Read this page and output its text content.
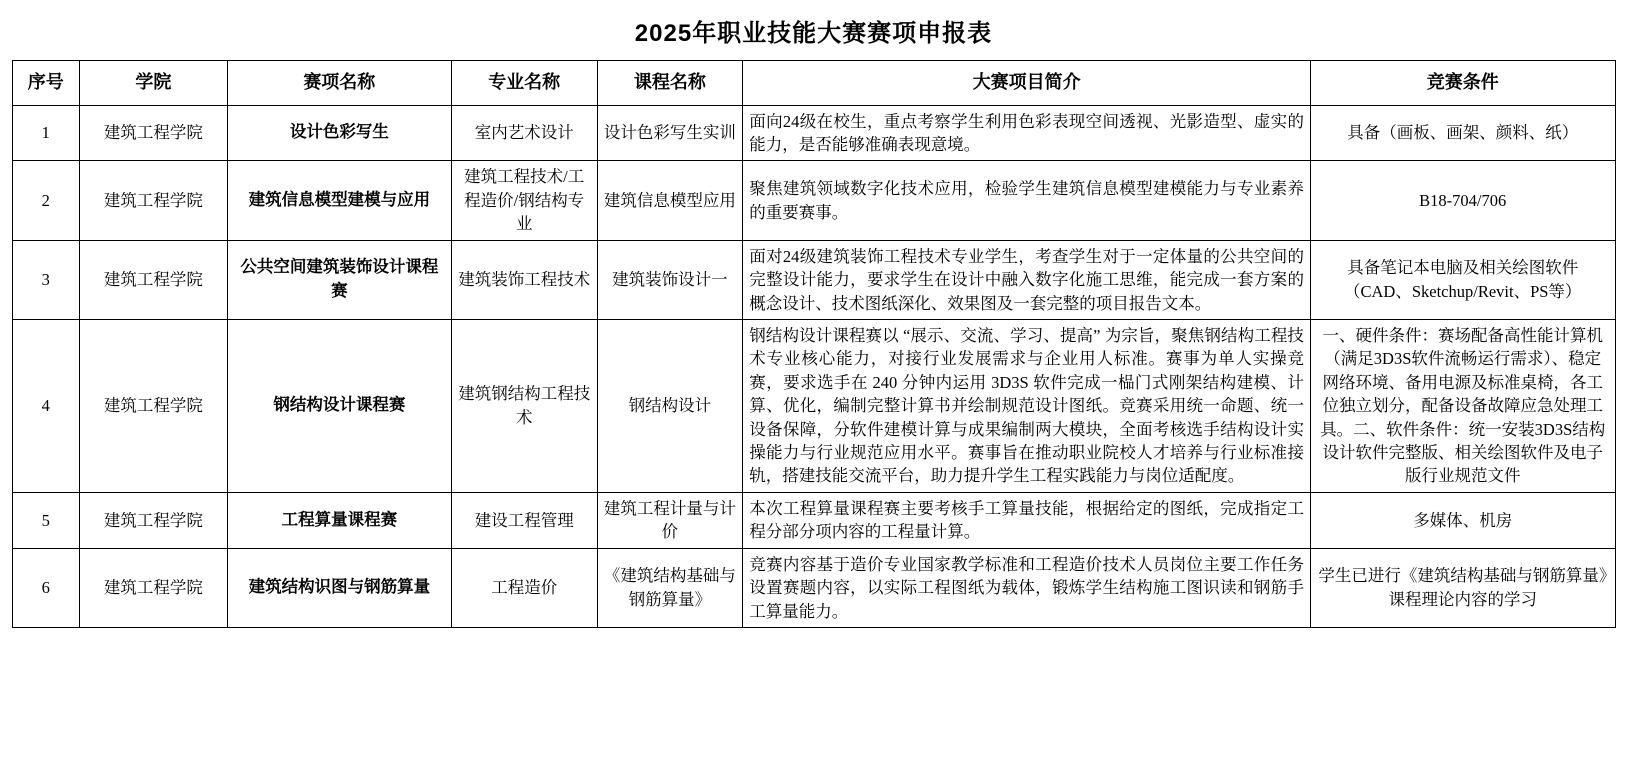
2025年职业技能大赛赛项申报表
序号	学院	赛项名称	专业名称	课程名称	大赛项目简介	竞赛条件
1	建筑工程学院	设计色彩写生	室内艺术设计	设计色彩写生实训	面向24级在校生，重点考察学生利用色彩表现空间透视、光影造型、虚实的能力，是否能够准确表现意境。	具备（画板、画架、颜料、纸）

2	建筑工程学院	建筑信息模型建模与应用	建筑工程技术/工程造价/钢结构专业	建筑信息模型应用	聚焦建筑领域数字化技术应用，检验学生建筑信息模型建模能力与专业素养的重要赛事。	B18-704/706

3	建筑工程学院	公共空间建筑装饰设计课程赛	建筑装饰工程技术	建筑装饰设计一	面对24级建筑装饰工程技术专业学生，考查学生对于一定体量的公共空间的完整设计能力，要求学生在设计中融入数字化施工思维，能完成一套方案的概念设计、技术图纸深化、效果图及一套完整的项目报告文本。	具备笔记本电脑及相关绘图软件（CAD、Sketchup/Revit、PS等）

4	建筑工程学院	钢结构设计课程赛	建筑钢结构工程技术	钢结构设计	钢结构设计课程赛以 “展示、交流、学习、提高” 为宗旨，聚焦钢结构工程技术专业核心能力，对接行业发展需求与企业用人标准。赛事为单人实操竞赛，要求选手在 240 分钟内运用 3D3S 软件完成一榀门式刚架结构建模、计算、优化，编制完整计算书并绘制规范设计图纸。竞赛采用统一命题、统一设备保障，分软件建模计算与成果编制两大模块，全面考核选手结构设计实操能力与行业规范应用水平。赛事旨在推动职业院校人才培养与行业标准接轨，搭建技能交流平台，助力提升学生工程实践能力与岗位适配度。	一、硬件条件：赛场配备高性能计算机（满足3D3S软件流畅运行需求）、稳定网络环境、备用电源及标准桌椅，各工位独立划分，配备设备故障应急处理工具。二、软件条件：统一安装3D3S结构设计软件完整版、相关绘图软件及电子版行业规范文件

5	建筑工程学院	工程算量课程赛	建设工程管理	建筑工程计量与计价	本次工程算量课程赛主要考核手工算量技能，根据给定的图纸，完成指定工程分部分项内容的工程量计算。	多媒体、机房

6	建筑工程学院	建筑结构识图与钢筋算量	工程造价	《建筑结构基础与钢筋算量》	竞赛内容基于造价专业国家教学标准和工程造价技术人员岗位主要工作任务设置赛题内容，以实际工程图纸为载体，锻炼学生结构施工图识读和钢筋手工算量能力。	学生已进行《建筑结构基础与钢筋算量》课程理论内容的学习
